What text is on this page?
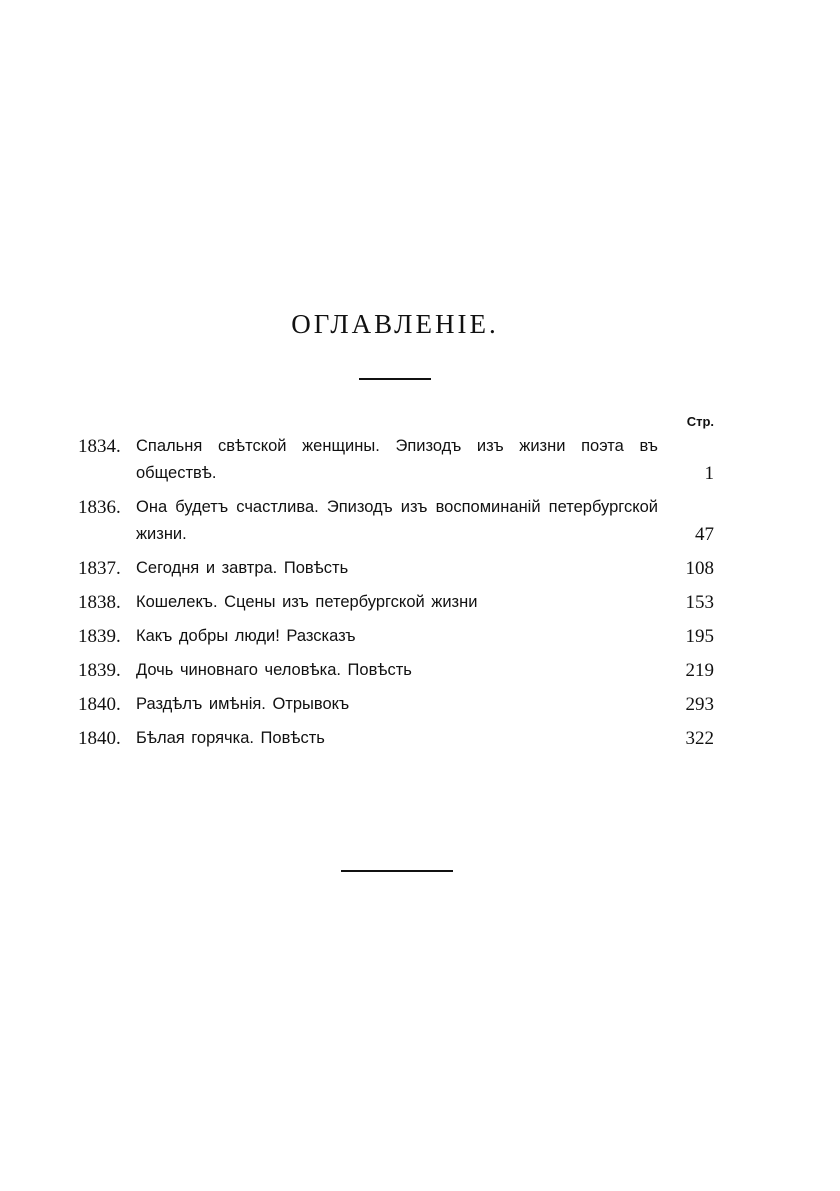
ОГЛАВЛЕНІЕ.
Стр.
1834. Спальня свѣтской женщины. Эпизодъ изъ жизни поэта въ обществѣ.	1
1836. Она будетъ счастлива. Эпизодъ изъ воспоминаній петербургской жизни.	47
1837. Сегодня и завтра. Повѣсть	108
1838. Кошелекъ. Сцены изъ петербургской жизни	153
1839. Какъ добры люди! Разсказъ	195
1839. Дочь чиновнаго человѣка. Повѣсть	219
1840. Раздѣлъ имѣнія. Отрывокъ	293
1840. Бѣлая горячка. Повѣсть	322
